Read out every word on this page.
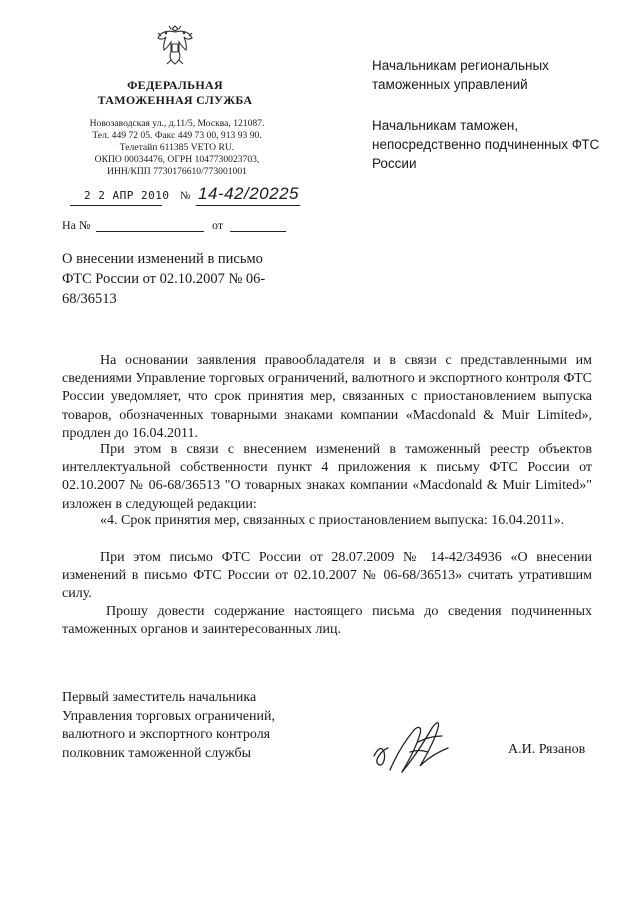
ФЕДЕРАЛЬНАЯ
ТАМОЖЕННАЯ СЛУЖБА
Новозаводская ул., д.11/5, Москва, 121087.
Тел. 449 72 05. Факс 449 73 00, 913 93 90.
Телетайп 611385 VETO RU.
ОКПО 00034476, ОГРН 1047730023703,
ИНН/КПП 7730176610/773001001
2 2 АПР 2010 № 14-42/20225
На №	от
О внесении изменений в письмо ФТС России от 02.10.2007 № 06-68/36513
Начальникам региональных таможенных управлений
Начальникам таможен, непосредственно подчиненных ФТС России
На основании заявления правообладателя и в связи с представленными им сведениями Управление торговых ограничений, валютного и экспортного контроля ФТС России уведомляет, что срок принятия мер, связанных с приостановлением выпуска товаров, обозначенных товарными знаками компании «Macdonald & Muir Limited», продлен до 16.04.2011.
При этом в связи с внесением изменений в таможенный реестр объектов интеллектуальной собственности пункт 4 приложения к письму ФТС России от 02.10.2007 № 06-68/36513 "О товарных знаках компании «Macdonald & Muir Limited»" изложен в следующей редакции:
«4. Срок принятия мер, связанных с приостановлением выпуска: 16.04.2011».
При этом письмо ФТС России от 28.07.2009 № 14-42/34936 «О внесении изменений в письмо ФТС России от 02.10.2007 № 06-68/36513» считать утратившим силу.
Прошу довести содержание настоящего письма до сведения подчиненных таможенных органов и заинтересованных лиц.
Первый заместитель начальника
Управления торговых ограничений,
валютного и экспортного контроля
полковник таможенной службы	А.И. Рязанов
